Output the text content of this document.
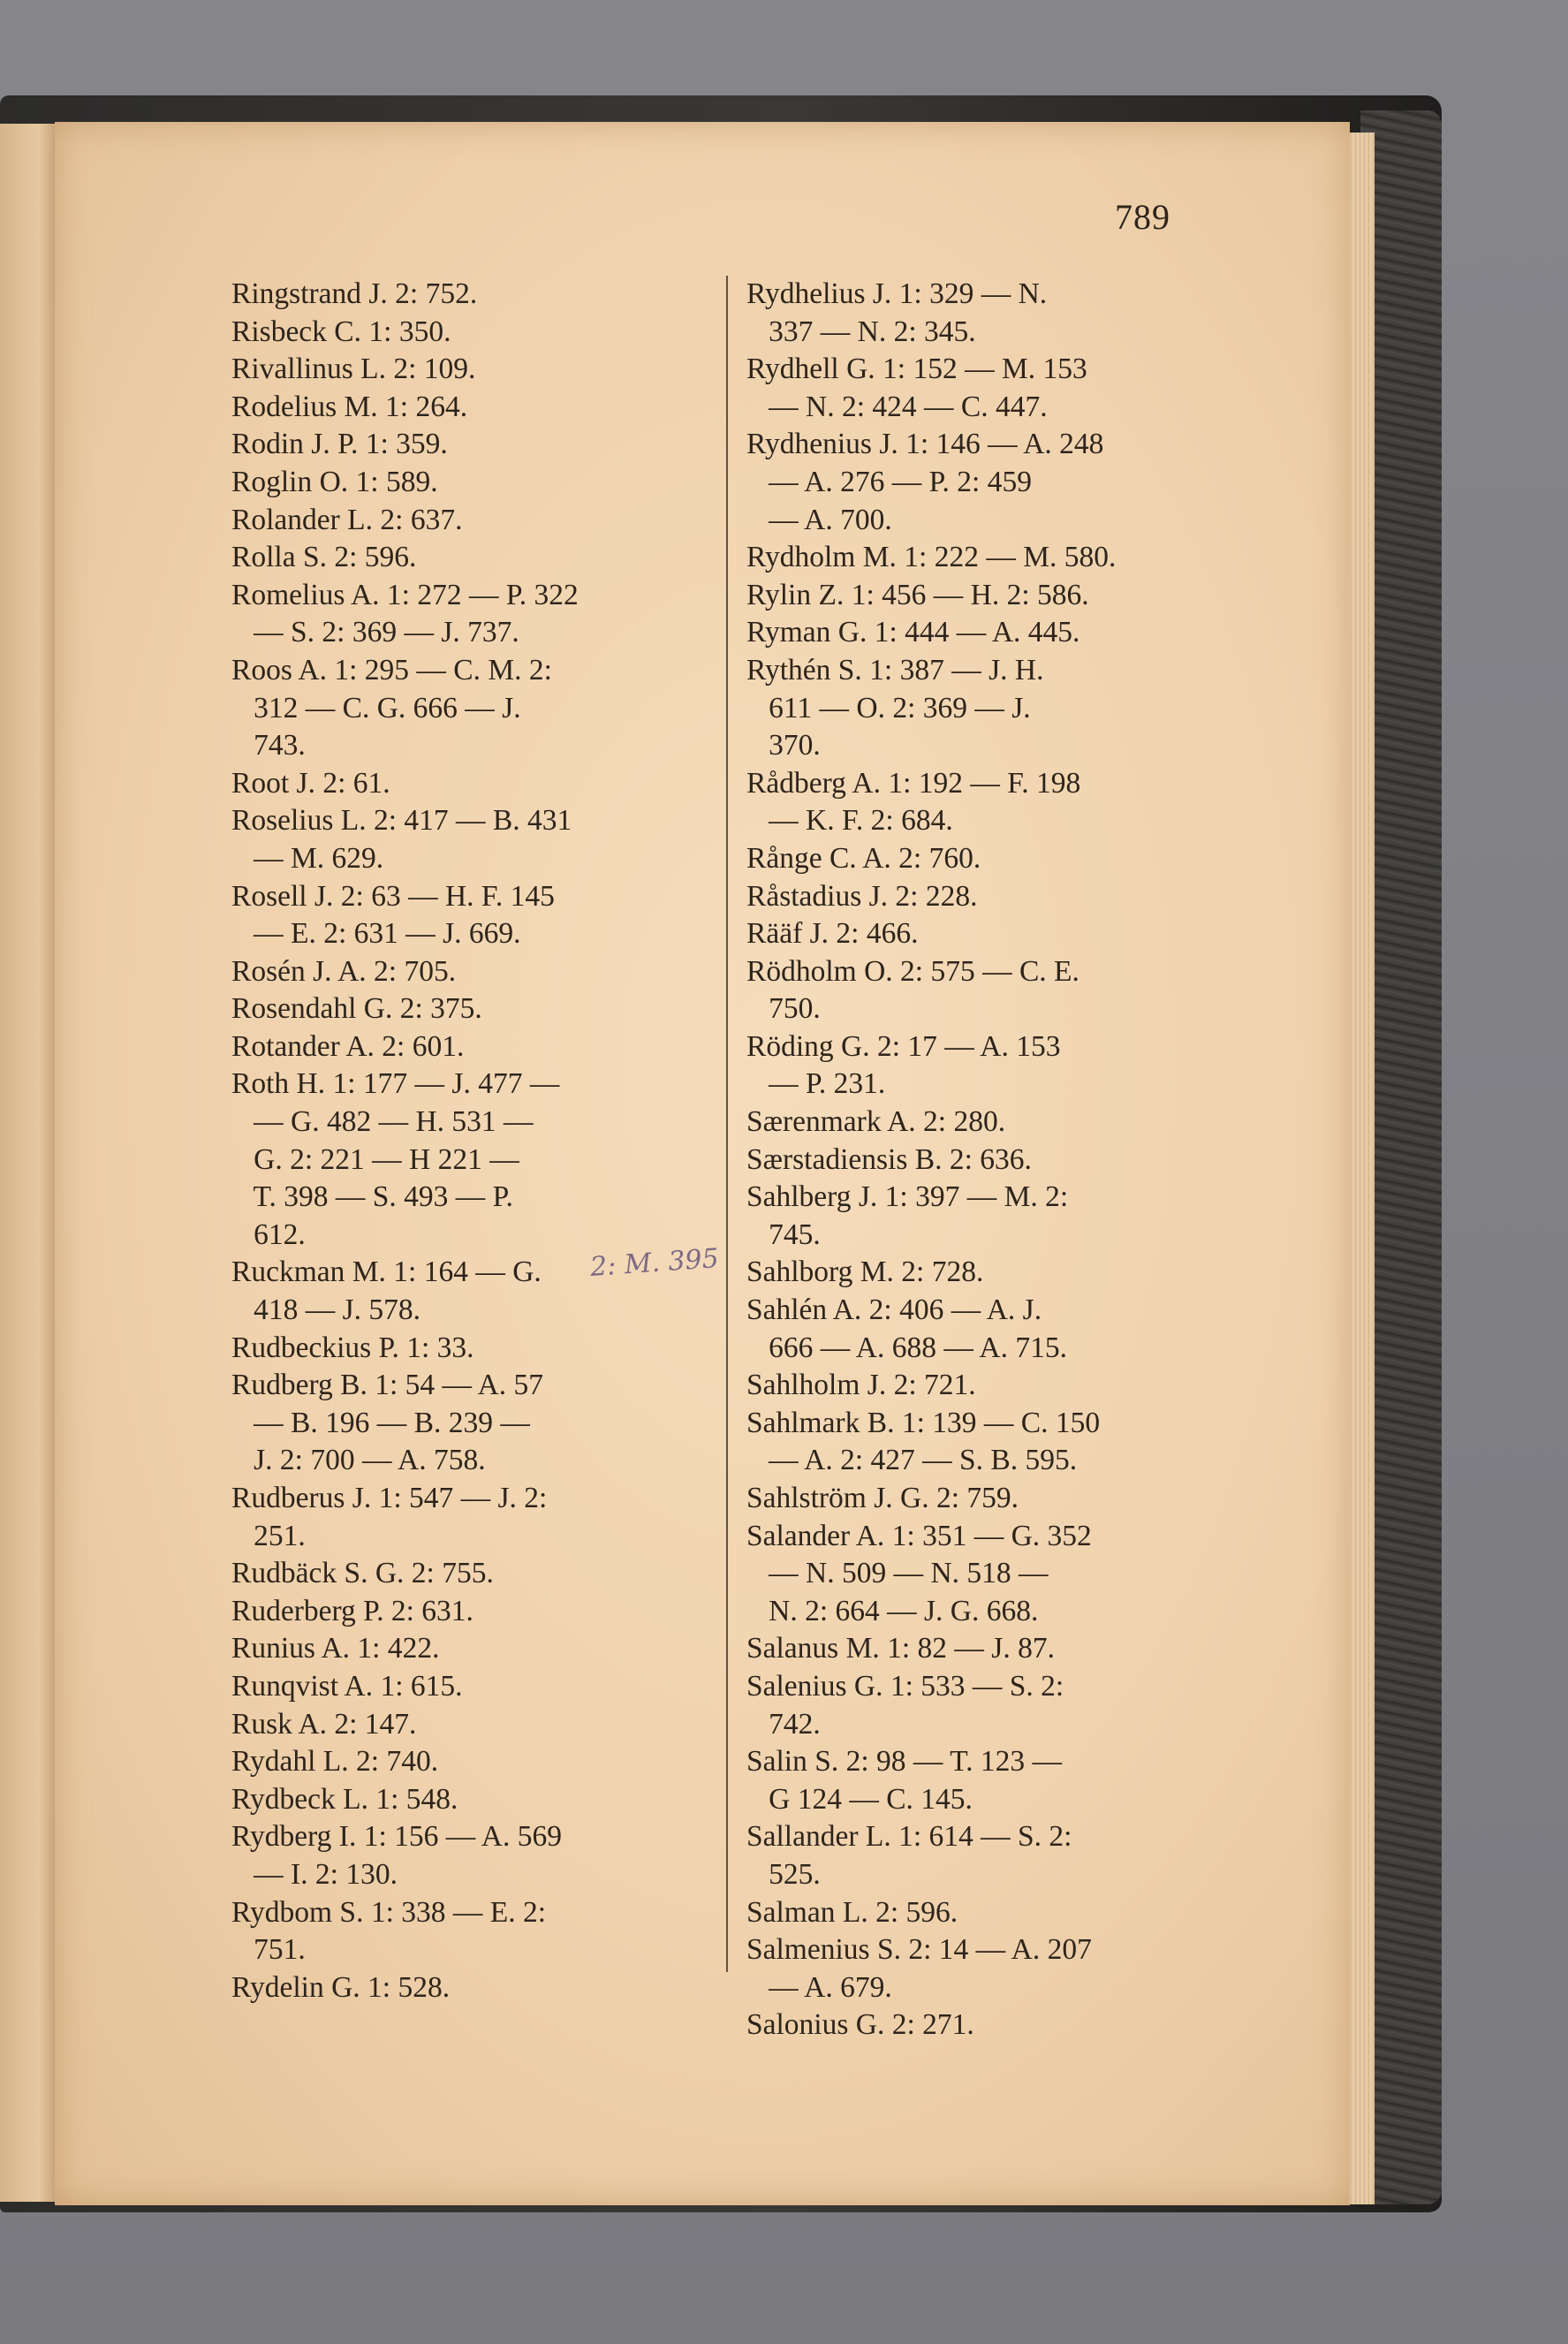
789
Ringstrand J. 2: 752.
Risbeck C. 1: 350.
Rivallinus L. 2: 109.
Rodelius M. 1: 264.
Rodin J. P. 1: 359.
Roglin O. 1: 589.
Rolander L. 2: 637.
Rolla S. 2: 596.
Romelius A. 1: 272 — P. 322
— S. 2: 369 — J. 737.
Roos A. 1: 295 — C. M. 2:
312 — C. G. 666 — J.
743.
Root J. 2: 61.
Roselius L. 2: 417 — B. 431
— M. 629.
Rosell J. 2: 63 — H. F. 145
— E. 2: 631 — J. 669.
Rosén J. A. 2: 705.
Rosendahl G. 2: 375.
Rotander A. 2: 601.
Roth H. 1: 177 — J. 477 —
— G. 482 — H. 531 —
G. 2: 221 — H 221 —
T. 398 — S. 493 — P.
612.
Ruckman M. 1: 164 — G.
418 — J. 578.
Rudbeckius P. 1: 33.
Rudberg B. 1: 54 — A. 57
— B. 196 — B. 239 —
J. 2: 700 — A. 758.
Rudberus J. 1: 547 — J. 2:
251.
Rudbäck S. G. 2: 755.
Ruderberg P. 2: 631.
Runius A. 1: 422.
Runqvist A. 1: 615.
Rusk A. 2: 147.
Rydahl L. 2: 740.
Rydbeck L. 1: 548.
Rydberg I. 1: 156 — A. 569
— I. 2: 130.
Rydbom S. 1: 338 — E. 2:
751.
Rydelin G. 1: 528.
Rydhelius J. 1: 329 — N.
337 — N. 2: 345.
Rydhell G. 1: 152 — M. 153
— N. 2: 424 — C. 447.
Rydhenius J. 1: 146 — A. 248
— A. 276 — P. 2: 459
— A. 700.
Rydholm M. 1: 222 — M. 580.
Rylin Z. 1: 456 — H. 2: 586.
Ryman G. 1: 444 — A. 445.
Rythén S. 1: 387 — J. H.
611 — O. 2: 369 — J.
370.
Rådberg A. 1: 192 — F. 198
— K. F. 2: 684.
Rånge C. A. 2: 760.
Råstadius J. 2: 228.
Rääf J. 2: 466.
Rödholm O. 2: 575 — C. E.
750.
Röding G. 2: 17 — A. 153
— P. 231.
Særenmark A. 2: 280.
Særstadiensis B. 2: 636.
Sahlberg J. 1: 397 — M. 2:
745.
Sahlborg M. 2: 728.
Sahlén A. 2: 406 — A. J.
666 — A. 688 — A. 715.
Sahlholm J. 2: 721.
Sahlmark B. 1: 139 — C. 150
— A. 2: 427 — S. B. 595.
Sahlström J. G. 2: 759.
Salander A. 1: 351 — G. 352
— N. 509 — N. 518 —
N. 2: 664 — J. G. 668.
Salanus M. 1: 82 — J. 87.
Salenius G. 1: 533 — S. 2:
742.
Salin S. 2: 98 — T. 123 —
G 124 — C. 145.
Sallander L. 1: 614 — S. 2:
525.
Salman L. 2: 596.
Salmenius S. 2: 14 — A. 207
— A. 679.
Salonius G. 2: 271.
2: M. 395
